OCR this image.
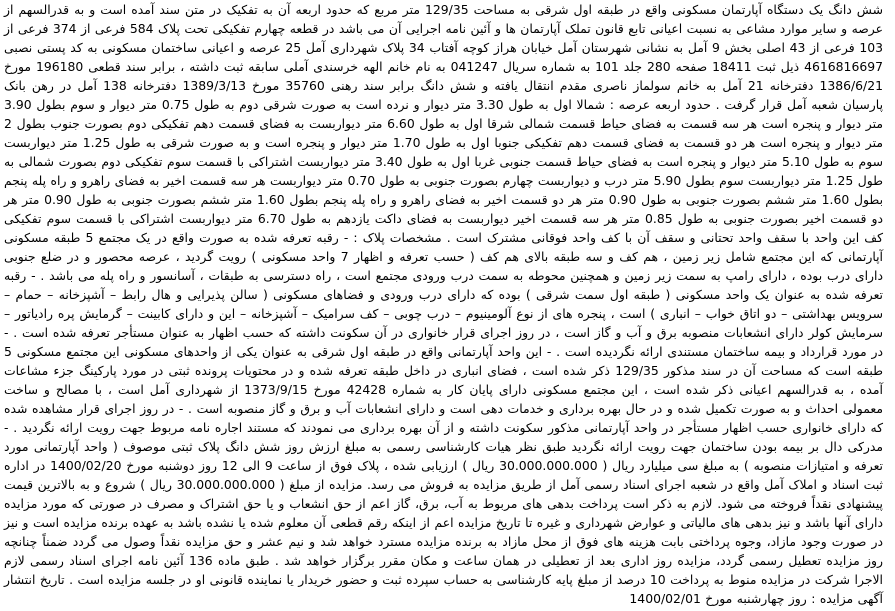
شش دانگ یک دستگاه آپارتمان مسکونی واقع در طبقه اول شرقی به مساحت 129/35 متر مربع که حدود اربعه آن به تفکیک در متن سند آمده است و به قدرالسهم از عرصه و سایر موارد مشاعی به نسبت اعیانی تابع قانون تملک آپارتمان ها و آئین نامه اجرایی آن می باشد در قطعه چهارم تفکیکی تحت پلاک 584 فرعی از 374 فرعی از 103 فرعی از 43 اصلی بخش 9 آمل به نشانی شهرستان آمل خیابان هراز کوچه آفتاب 34 پلاک شهرداری آمل 25 عرصه و اعیانی ساختمان مسکونی به کد پستی نصبی 4616816697 ذیل ثبت 18411 صفحه 280 جلد 101 به شماره سریال 041247 به نام خانم الهه خرسندی آملی سابقه ثبت داشته ، برابر سند قطعی 196180 مورخ 1386/6/21 دفترخانه 21 آمل به خانم سولماز ناصری مقدم انتقال یافته و شش دانگ برابر سند رهنی 35760 مورخ 1389/3/13 دفترخانه 138 آمل در رهن بانک پارسیان شعبه آمل قرار گرفت . حدود اربعه عرصه : شمالا اول به طول 3.30 متر دیوار و نرده است به صورت شرقی دوم به طول 0.75 متر دیوار و سوم بطول 3.90 متر دیوار و پنجره است هر سه قسمت به فضای حیاط قسمت شمالی شرقا اول به طول 6.60 متر دیواربست به فضای قسمت دهم تفکیکی دوم بصورت جنوب بطول 2 متر دیوار و پنجره است هر دو قسمت به فضای قسمت دهم تفکیکی جنوبا اول به طول 1.70 متر دیوار و پنجره است و به صورت شرقی به طول 1.25 متر دیواربست سوم به طول 5.10 متر دیوار و پنجره است به فضای حیاط قسمت جنوبی غربا اول به طول 3.40 متر دیواربست اشتراکی با قسمت سوم تفکیکی دوم بصورت شمالی به طول 1.25 متر دیواربست سوم بطول 5.90 متر درب و دیواربست چهارم بصورت جنوبی به طول 0.70 متر دیواربست هر سه قسمت اخیر به فضای راهرو و راه پله پنجم بطول 1.60 متر ششم بصورت جنوبی به طول 0.90 متر هر دو قسمت اخیر به فضای راهرو و راه پله پنجم بطول 1.60 متر ششم بصورت جنوبی به طول 0.90 متر هر دو قسمت اخیر بصورت جنوبی به طول 0.85 متر هر سه قسمت اخیر دیواربست به فضای داکت یازدهم به طول 6.70 متر دیواربست اشتراکی با قسمت سوم تفکیکی کف این واحد با سقف واحد تحتانی و سقف آن با کف واحد فوقانی مشترک است . مشخصات پلاک : - رقبه تعرفه شده به صورت واقع در یک مجتمع 5 طبقه مسکونی آپارتمانی که این مجتمع شامل زیر زمین ، هم کف و سه طبقه بالای هم کف ( حسب تعرفه و اظهار 7 واحد مسکونی ) رویت گردید ، عرصه محصور و در ضلع جنوبی دارای درب بوده ، دارای رامپ به سمت زیر زمین و همچنین محوطه به سمت درب ورودی مجتمع است ، راه دسترسی به طبقات ، آسانسور و راه پله می باشد . - رقبه تعرفه شده به عنوان یک واحد مسکونی ( طبقه اول سمت شرقی ) بوده که دارای درب ورودی و فضاهای مسکونی ( سالن پذیرایی و هال رابط – آشپزخانه – حمام – سرویس بهداشتی – دو اتاق خواب – انباری ) است ، پنجره های از نوع آلومینیوم – درب چوبی – کف سرامیک – آشپزخانه – این و دارای کابینت – گرمایش پره رادیاتور – سرمایش کولر دارای انشعابات منصوبه برق و آب و گاز است ، در روز اجرای قرار خانواری در آن سکونت داشته که حسب اظهار به عنوان مستأجر تعرفه شده است . - در مورد قرارداد و بیمه ساختمان مستندی ارائه نگردیده است . - این واحد آپارتمانی واقع در طبقه اول شرقی به عنوان یکی از واحدهای مسکونی این مجتمع مسکونی 5 طبقه است که مساحت آن در سند مذکور 129/35 ذکر شده است ، فضای انباری در داخل طبقه تعرفه شده و در محتویات پرونده ثبتی در مورد پارکینگ جزء مشاعات آمده ، به قدرالسهم اعیانی ذکر شده است ، این مجتمع مسکونی دارای پایان کار به شماره 42428 مورخ 1373/9/15 از شهرداری آمل است ، با مصالح و ساخت معمولی احداث و به صورت تکمیل شده و در حال بهره برداری و خدمات دهی است و دارای انشعابات آب و برق و گاز منصوبه است . - در روز اجرای قرار مشاهده شده که دارای خانواری حسب اظهار مستأجر در واحد آپارتمانی مذکور سکونت داشته و از آن بهره برداری می نمودند که مستند اجاره نامه مربوط جهت رویت ارائه نگردید . - مدرکی دال بر بیمه بودن ساختمان جهت رویت ارائه نگردید طبق نظر هیات کارشناسی رسمی به مبلغ ارزش روز شش دانگ پلاک ثبتی موصوف ( واحد آپارتمانی مورد تعرفه و امتیازات منصوبه ) به مبلغ سی میلیارد ریال ( 30.000.000.000 ریال ) ارزیابی شده ، پلاک فوق از ساعت 9 الی 12 روز دوشنبه مورخ 1400/02/20 در اداره ثبت اسناد و املاک آمل واقع در شعبه اجرای اسناد رسمی آمل از طریق مزایده به فروش می رسد. مزایده از مبلغ ( 30.000.000.000 ریال ) شروع و به بالاترین قیمت پیشنهادی نقداً فروخته می شود. لازم به ذکر است پرداخت بدهی های مربوط به آب، برق، گاز اعم از حق انشعاب و یا حق اشتراک و مصرف در صورتی که مورد مزایده دارای آنها باشد و نیز بدهی های مالیاتی و عوارض شهرداری و غیره تا تاریخ مزایده اعم از اینکه رقم قطعی آن معلوم شده یا نشده باشد به عهده برنده مزایده است و نیز در صورت وجود مازاد، وجوه پرداختی بابت هزینه های فوق از محل مازاد به برنده مزایده مسترد خواهد شد و نیم عشر و حق مزایده نقداً وصول می گردد ضمناً چنانچه روز مزایده تعطیل رسمی گردد، مزایده روز اداری بعد از تعطیلی در همان ساعت و مکان مقرر برگزار خواهد شد . طبق ماده 136 آئین نامه اجرای اسناد رسمی لازم الاجرا شرکت در مزایده منوط به پرداخت 10 درصد از مبلغ پایه کارشناسی به حساب سپرده ثبت و حضور خریدار یا نماینده قانونی او در جلسه مزایده است . تاریخ انتشار آگهی مزایده : روز چهارشنبه مورخ 1400/02/01
